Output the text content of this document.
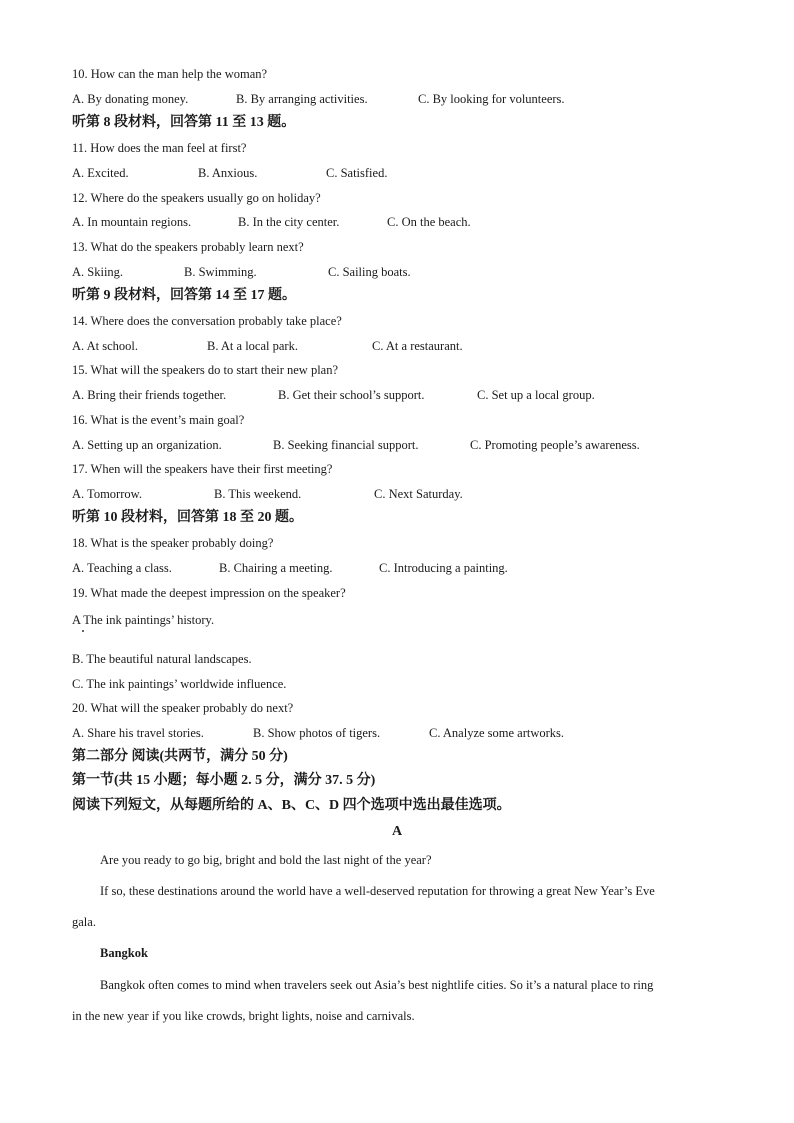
10. How can the man help the woman?
A. By donating money.	B. By arranging activities.	C. By looking for volunteers.
听第 8 段材料，回答第 11 至 13 题。
11. How does the man feel at first?
A. Excited.	B. Anxious.	C. Satisfied.
12. Where do the speakers usually go on holiday?
A. In mountain regions.	B. In the city center.	C. On the beach.
13. What do the speakers probably learn next?
A. Skiing.	B. Swimming.	C. Sailing boats.
听第 9 段材料，回答第 14 至 17 题。
14. Where does the conversation probably take place?
A. At school.	B. At a local park.	C. At a restaurant.
15. What will the speakers do to start their new plan?
A. Bring their friends together.	B. Get their school’s support.	C. Set up a local group.
16. What is the event’s main goal?
A. Setting up an organization.	B. Seeking financial support.	C. Promoting people’s awareness.
17. When will the speakers have their first meeting?
A. Tomorrow.	B. This weekend.	C. Next Saturday.
听第 10 段材料，回答第 18 至 20 题。
18. What is the speaker probably doing?
A. Teaching a class.	B. Chairing a meeting.	C. Introducing a painting.
19. What made the deepest impression on the speaker?
A The ink paintings’ history.
B. The beautiful natural landscapes.
C. The ink paintings’ worldwide influence.
20. What will the speaker probably do next?
A. Share his travel stories.	B. Show photos of tigers.	C. Analyze some artworks.
第二部分 阅读(共两节，满分 50 分)
第一节(共 15 小题；每小题 2. 5 分，满分 37. 5 分)
阅读下列短文，从每题所给的 A、B、C、D 四个选项中选出最佳选项。
A
Are you ready to go big, bright and bold the last night of the year?
If so, these destinations around the world have a well-deserved reputation for throwing a great New Year’s Eve
gala.
Bangkok
Bangkok often comes to mind when travelers seek out Asia’s best nightlife cities. So it’s a natural place to ring
in the new year if you like crowds, bright lights, noise and carnivals.
